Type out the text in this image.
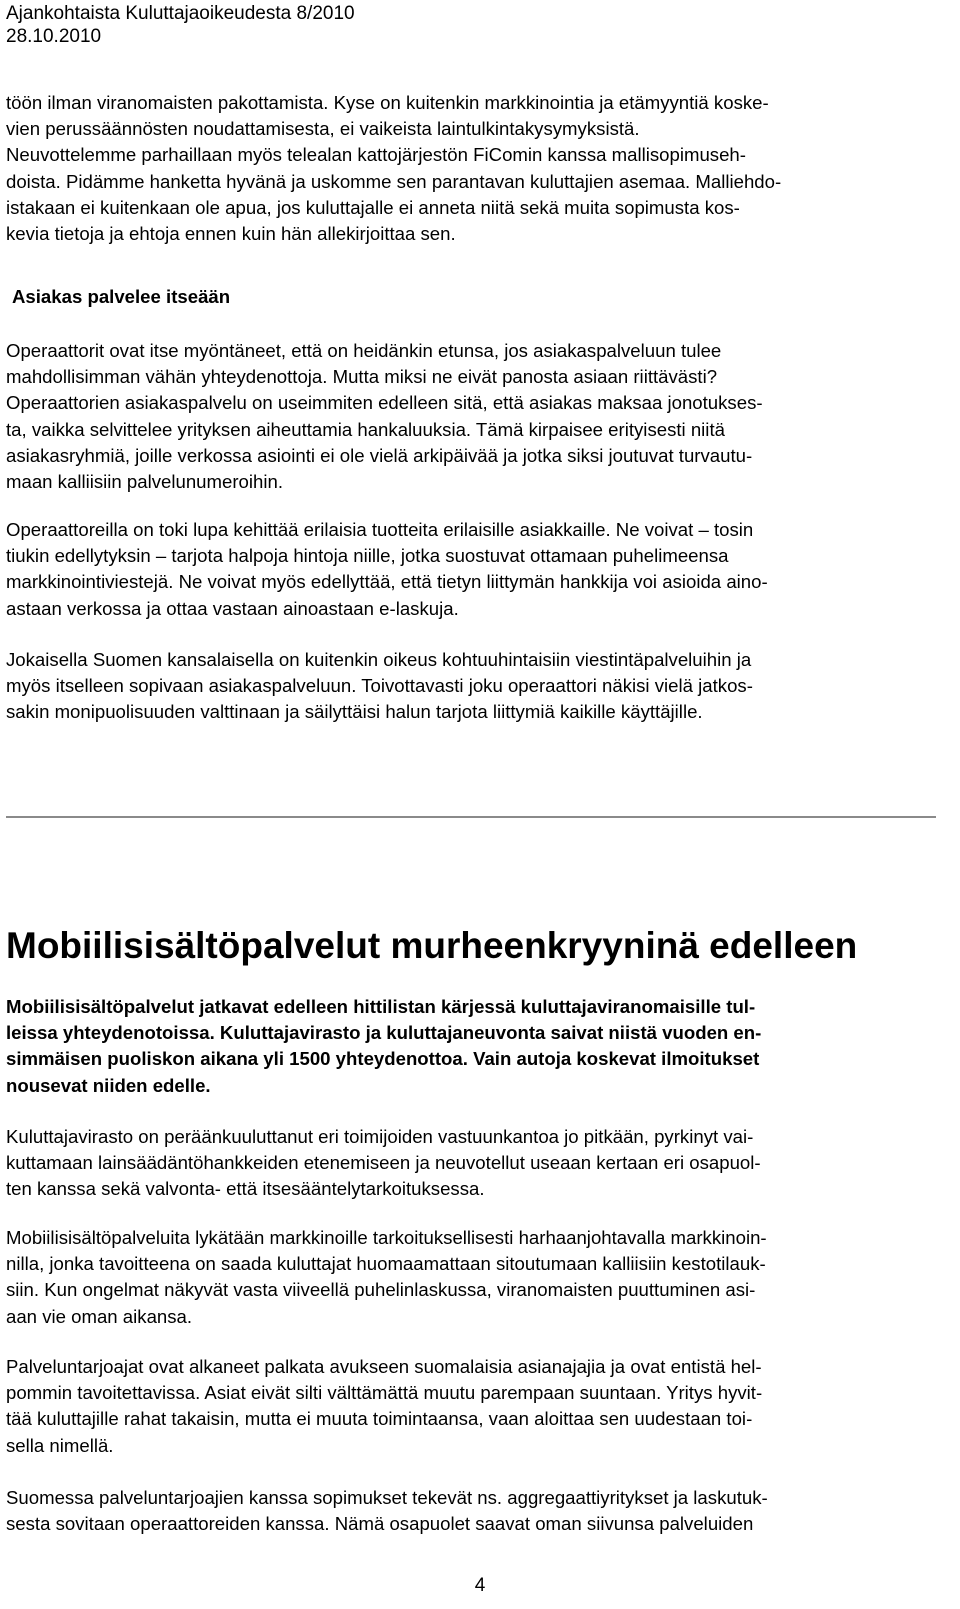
Ajankohtaista Kuluttajaoikeudesta 8/2010
28.10.2010
töön ilman viranomaisten pakottamista. Kyse on kuitenkin markkinointia ja etämyyntiä koske-
vien perussäännösten noudattamisesta, ei vaikeista laintulkintakysymyksistä.
Neuvottelemme parhaillaan myös telealan kattojärjestön FiComin kanssa mallisopimuseh-
doista. Pidämme hanketta hyvänä ja uskomme sen parantavan kuluttajien asemaa. Malliehdo-
istakaan ei kuitenkaan ole apua, jos kuluttajalle ei anneta niitä sekä muita sopimusta kos-
kevia tietoja ja ehtoja ennen kuin hän allekirjoittaa sen.
Asiakas palvelee itseään
Operaattorit ovat itse myöntäneet, että on heidänkin etunsa, jos asiakaspalveluun tulee
mahdollisimman vähän yhteydenottoja. Mutta miksi ne eivät panosta asiaan riittävästi?
Operaattorien asiakaspalvelu on useimmiten edelleen sitä, että asiakas maksaa jonotukses-
ta, vaikka selvittelee yrityksen aiheuttamia hankaluuksia. Tämä kirpaisee erityisesti niitä
asiakasryhmiä, joille verkossa asiointi ei ole vielä arkipäivää ja jotka siksi joutuvat turvautu-
maan kalliisiin palvelunumeroihin.
Operaattoreilla on toki lupa kehittää erilaisia tuotteita erilaisille asiakkaille. Ne voivat – tosin
tiukin edellytyksin – tarjota halpoja hintoja niille, jotka suostuvat ottamaan puhelimeensa
markkinointiviestejä. Ne voivat myös edellyttää, että tietyn liittymän hankkija voi asioida aino-
astaan verkossa ja ottaa vastaan ainoastaan e-laskuja.
Jokaisella Suomen kansalaisella on kuitenkin oikeus kohtuuhintaisiin viestintäpalveluihin ja
myös itselleen sopivaan asiakaspalveluun. Toivottavasti joku operaattori näkisi vielä jatkos-
sakin monipuolisuuden valttinaan ja säilyttäisi halun tarjota liittymiä kaikille käyttäjille.
Mobiilisisältöpalvelut murheenkryyninä edelleen
Mobiilisisältöpalvelut jatkavat edelleen hittilistan kärjessä kuluttajaviranomaisille tul-
leissa yhteydenotoissa. Kuluttajavirasto ja kuluttajaneuvonta saivat niistä vuoden en-
simmäisen puoliskon aikana yli 1500 yhteydenottoa. Vain autoja koskevat ilmoitukset
nousevat niiden edelle.
Kuluttajavirasto on peräänkuuluttanut eri toimijoiden vastuunkantoa jo pitkään, pyrkinyt vai-
kuttamaan lainsäädäntöhankkeiden etenemiseen ja neuvotellut useaan kertaan eri osapuol-
ten kanssa sekä valvonta- että itsesääntelytarkoituksessa.
Mobiilisisältöpalveluita lykätään markkinoille tarkoituksellisesti harhaanjohtavalla markkinoin-
nilla, jonka tavoitteena on saada kuluttajat huomaamattaan sitoutumaan kalliisiin kestotilauk-
siin. Kun ongelmat näkyvät vasta viiveellä puhelinlaskussa, viranomaisten puuttuminen asi-
aan vie oman aikansa.
Palveluntarjoajat ovat alkaneet palkata avukseen suomalaisia asianajajia ja ovat entistä hel-
pommin tavoitettavissa. Asiat eivät silti välttämättä muutu parempaan suuntaan. Yritys hyvit-
tää kuluttajille rahat takaisin, mutta ei muuta toimintaansa, vaan aloittaa sen uudestaan toi-
sella nimellä.
Suomessa palveluntarjoajien kanssa sopimukset tekevät ns. aggregaattiyritykset ja laskutuk-
sesta sovitaan operaattoreiden kanssa. Nämä osapuolet saavat oman siivunsa palveluiden
4
